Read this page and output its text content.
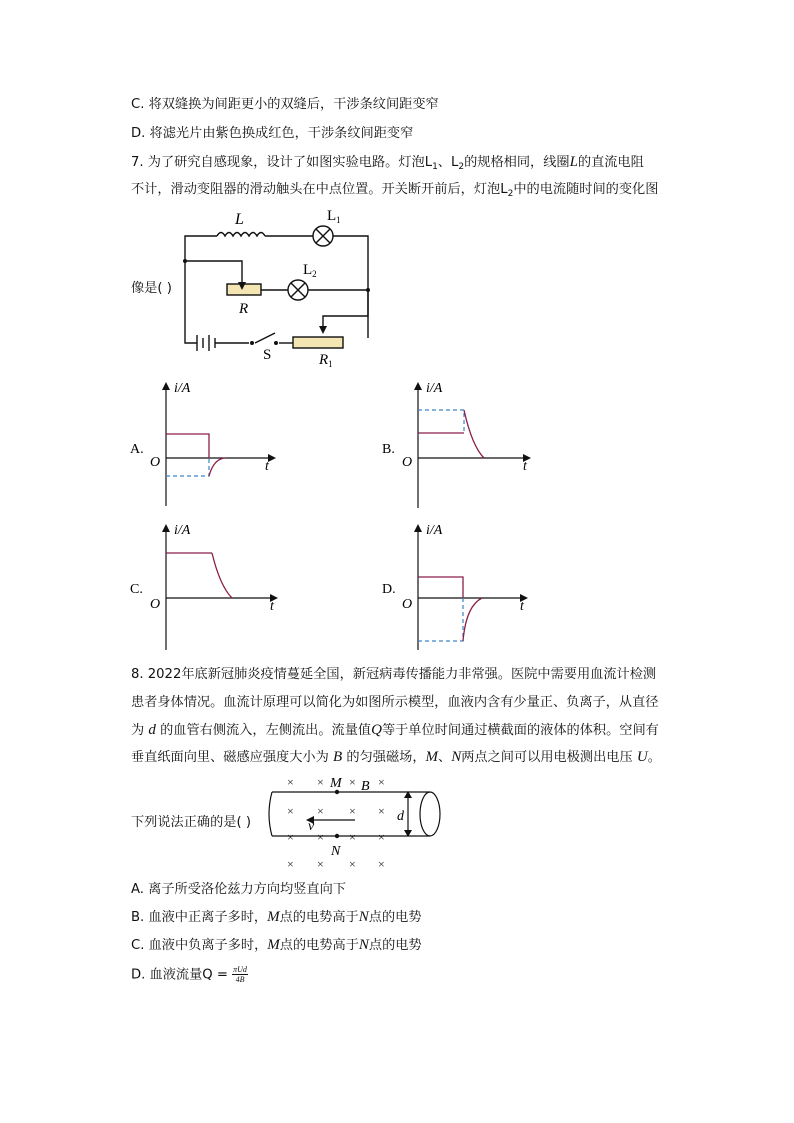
C. 将双缝换为间距更小的双缝后，干涉条纹间距变窄
D. 将滤光片由紫色换成红色，干涉条纹间距变窄
7. 为了研究自感现象，设计了如图实验电路。灯泡$L_1$、$L_2$的规格相同，线圈L的直流电阻
不计，滑动变阻器的滑动触头在中点位置。开关断开前后，灯泡$L_2$中的电流随时间的变化图
像是( )
L	$L_1$
$L_2$
R
S	$R_1$
A.
i/A
t
O
B.
i/A
t
O
C.
i/A
t
O
D.
i/A
t
O
8. 2022年底新冠肺炎疫情蔓延全国，新冠病毒传播能力非常强。医院中需要用血流计检测
患者身体情况。血流计原理可以简化为如图所示模型，血液内含有少量正、负离子，从直径
为 d 的血管右侧流入，左侧流出。流量值Q等于单位时间通过横截面的液体的体积。空间有
垂直纸面向里、磁感应强度大小为 B 的匀强磁场，M、N两点之间可以用电极测出电压 U。
下列说法正确的是( )
× × × ×
× × × ×
× × × ×
× × × ×
M
N
B
v
d
A. 离子所受洛伦兹力方向均竖直向下
B. 血液中正离子多时，M点的电势高于N点的电势
C. 血液中负离子多时，M点的电势高于N点的电势
D. 血液流量$Q = \frac{\text{πUd}}{4B}$
